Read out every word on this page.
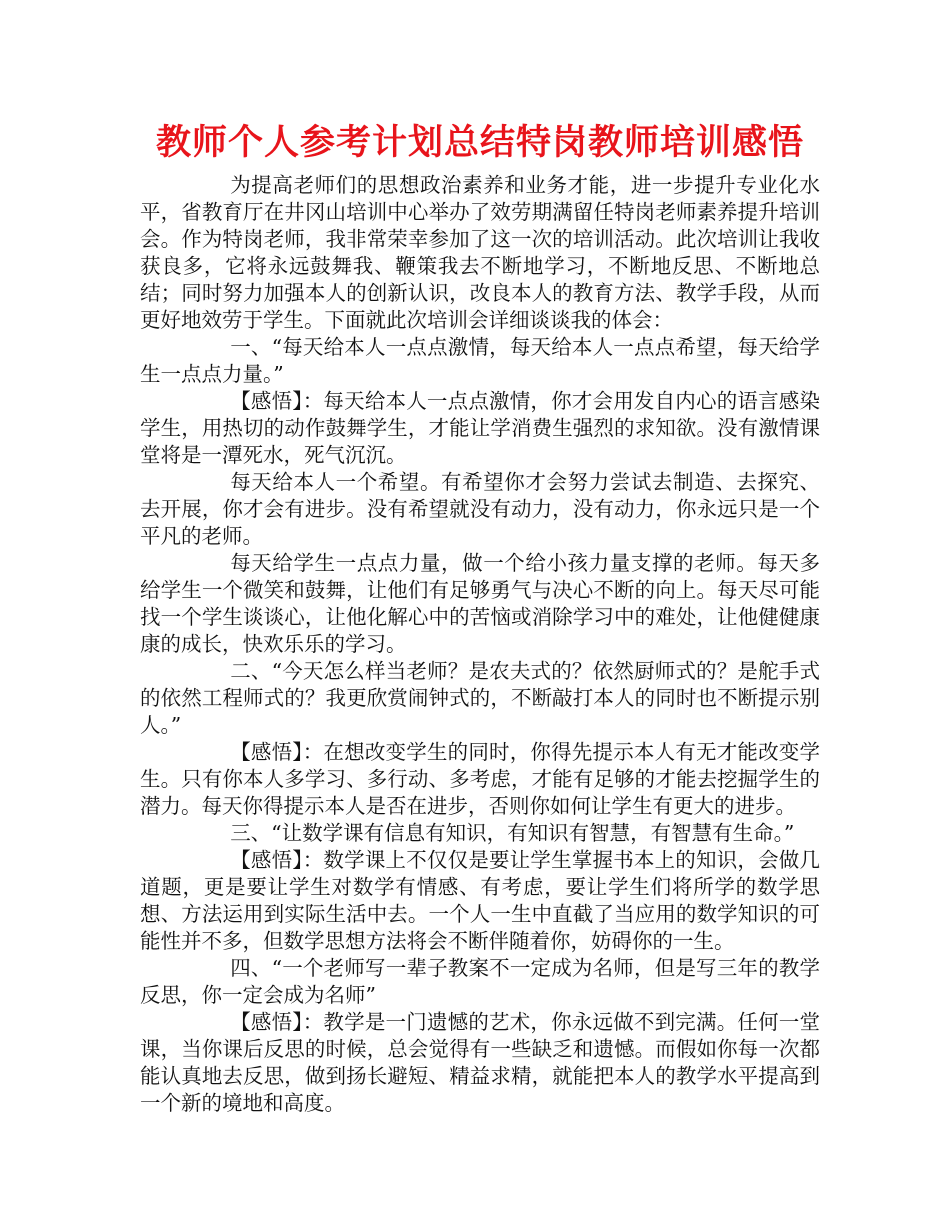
教师个人参考计划总结特岗教师培训感悟

为提高老师们的思想政治素养和业务才能，进一步提升专业化水平，省教育厅在井冈山培训中心举办了效劳期满留任特岗老师素养提升培训会。作为特岗老师，我非常荣幸参加了这一次的培训活动。此次培训让我收获良多，它将永远鼓舞我、鞭策我去不断地学习，不断地反思、不断地总结；同时努力加强本人的创新认识，改良本人的教育方法、教学手段，从而更好地效劳于学生。下面就此次培训会详细谈谈我的体会：

一、“每天给本人一点点激情，每天给本人一点点希望，每天给学生一点点力量。”

【感悟】：每天给本人一点点激情，你才会用发自内心的语言感染学生，用热切的动作鼓舞学生，才能让学消费生强烈的求知欲。没有激情课堂将是一潭死水，死气沉沉。

每天给本人一个希望。有希望你才会努力尝试去制造、去探究、去开展，你才会有进步。没有希望就没有动力，没有动力，你永远只是一个平凡的老师。

每天给学生一点点力量，做一个给小孩力量支撑的老师。每天多给学生一个微笑和鼓舞，让他们有足够勇气与决心不断的向上。每天尽可能找一个学生谈谈心，让他化解心中的苦恼或消除学习中的难处，让他健健康康的成长，快欢乐乐的学习。

二、“今天怎么样当老师？是农夫式的？依然厨师式的？是舵手式的依然工程师式的？我更欣赏闹钟式的，不断敲打本人的同时也不断提示别人。”

【感悟】：在想改变学生的同时，你得先提示本人有无才能改变学生。只有你本人多学习、多行动、多考虑，才能有足够的才能去挖掘学生的潜力。每天你得提示本人是否在进步，否则你如何让学生有更大的进步。

三、“让数学课有信息有知识，有知识有智慧，有智慧有生命。”

【感悟】：数学课上不仅仅是要让学生掌握书本上的知识，会做几道题，更是要让学生对数学有情感、有考虑，要让学生们将所学的数学思想、方法运用到实际生活中去。一个人一生中直截了当应用的数学知识的可能性并不多，但数学思想方法将会不断伴随着你，妨碍你的一生。

四、“一个老师写一辈子教案不一定成为名师，但是写三年的教学反思，你一定会成为名师”

【感悟】：教学是一门遗憾的艺术，你永远做不到完满。任何一堂课，当你课后反思的时候，总会觉得有一些缺乏和遗憾。而假如你每一次都能认真地去反思，做到扬长避短、精益求精，就能把本人的教学水平提高到一个新的境地和高度。
